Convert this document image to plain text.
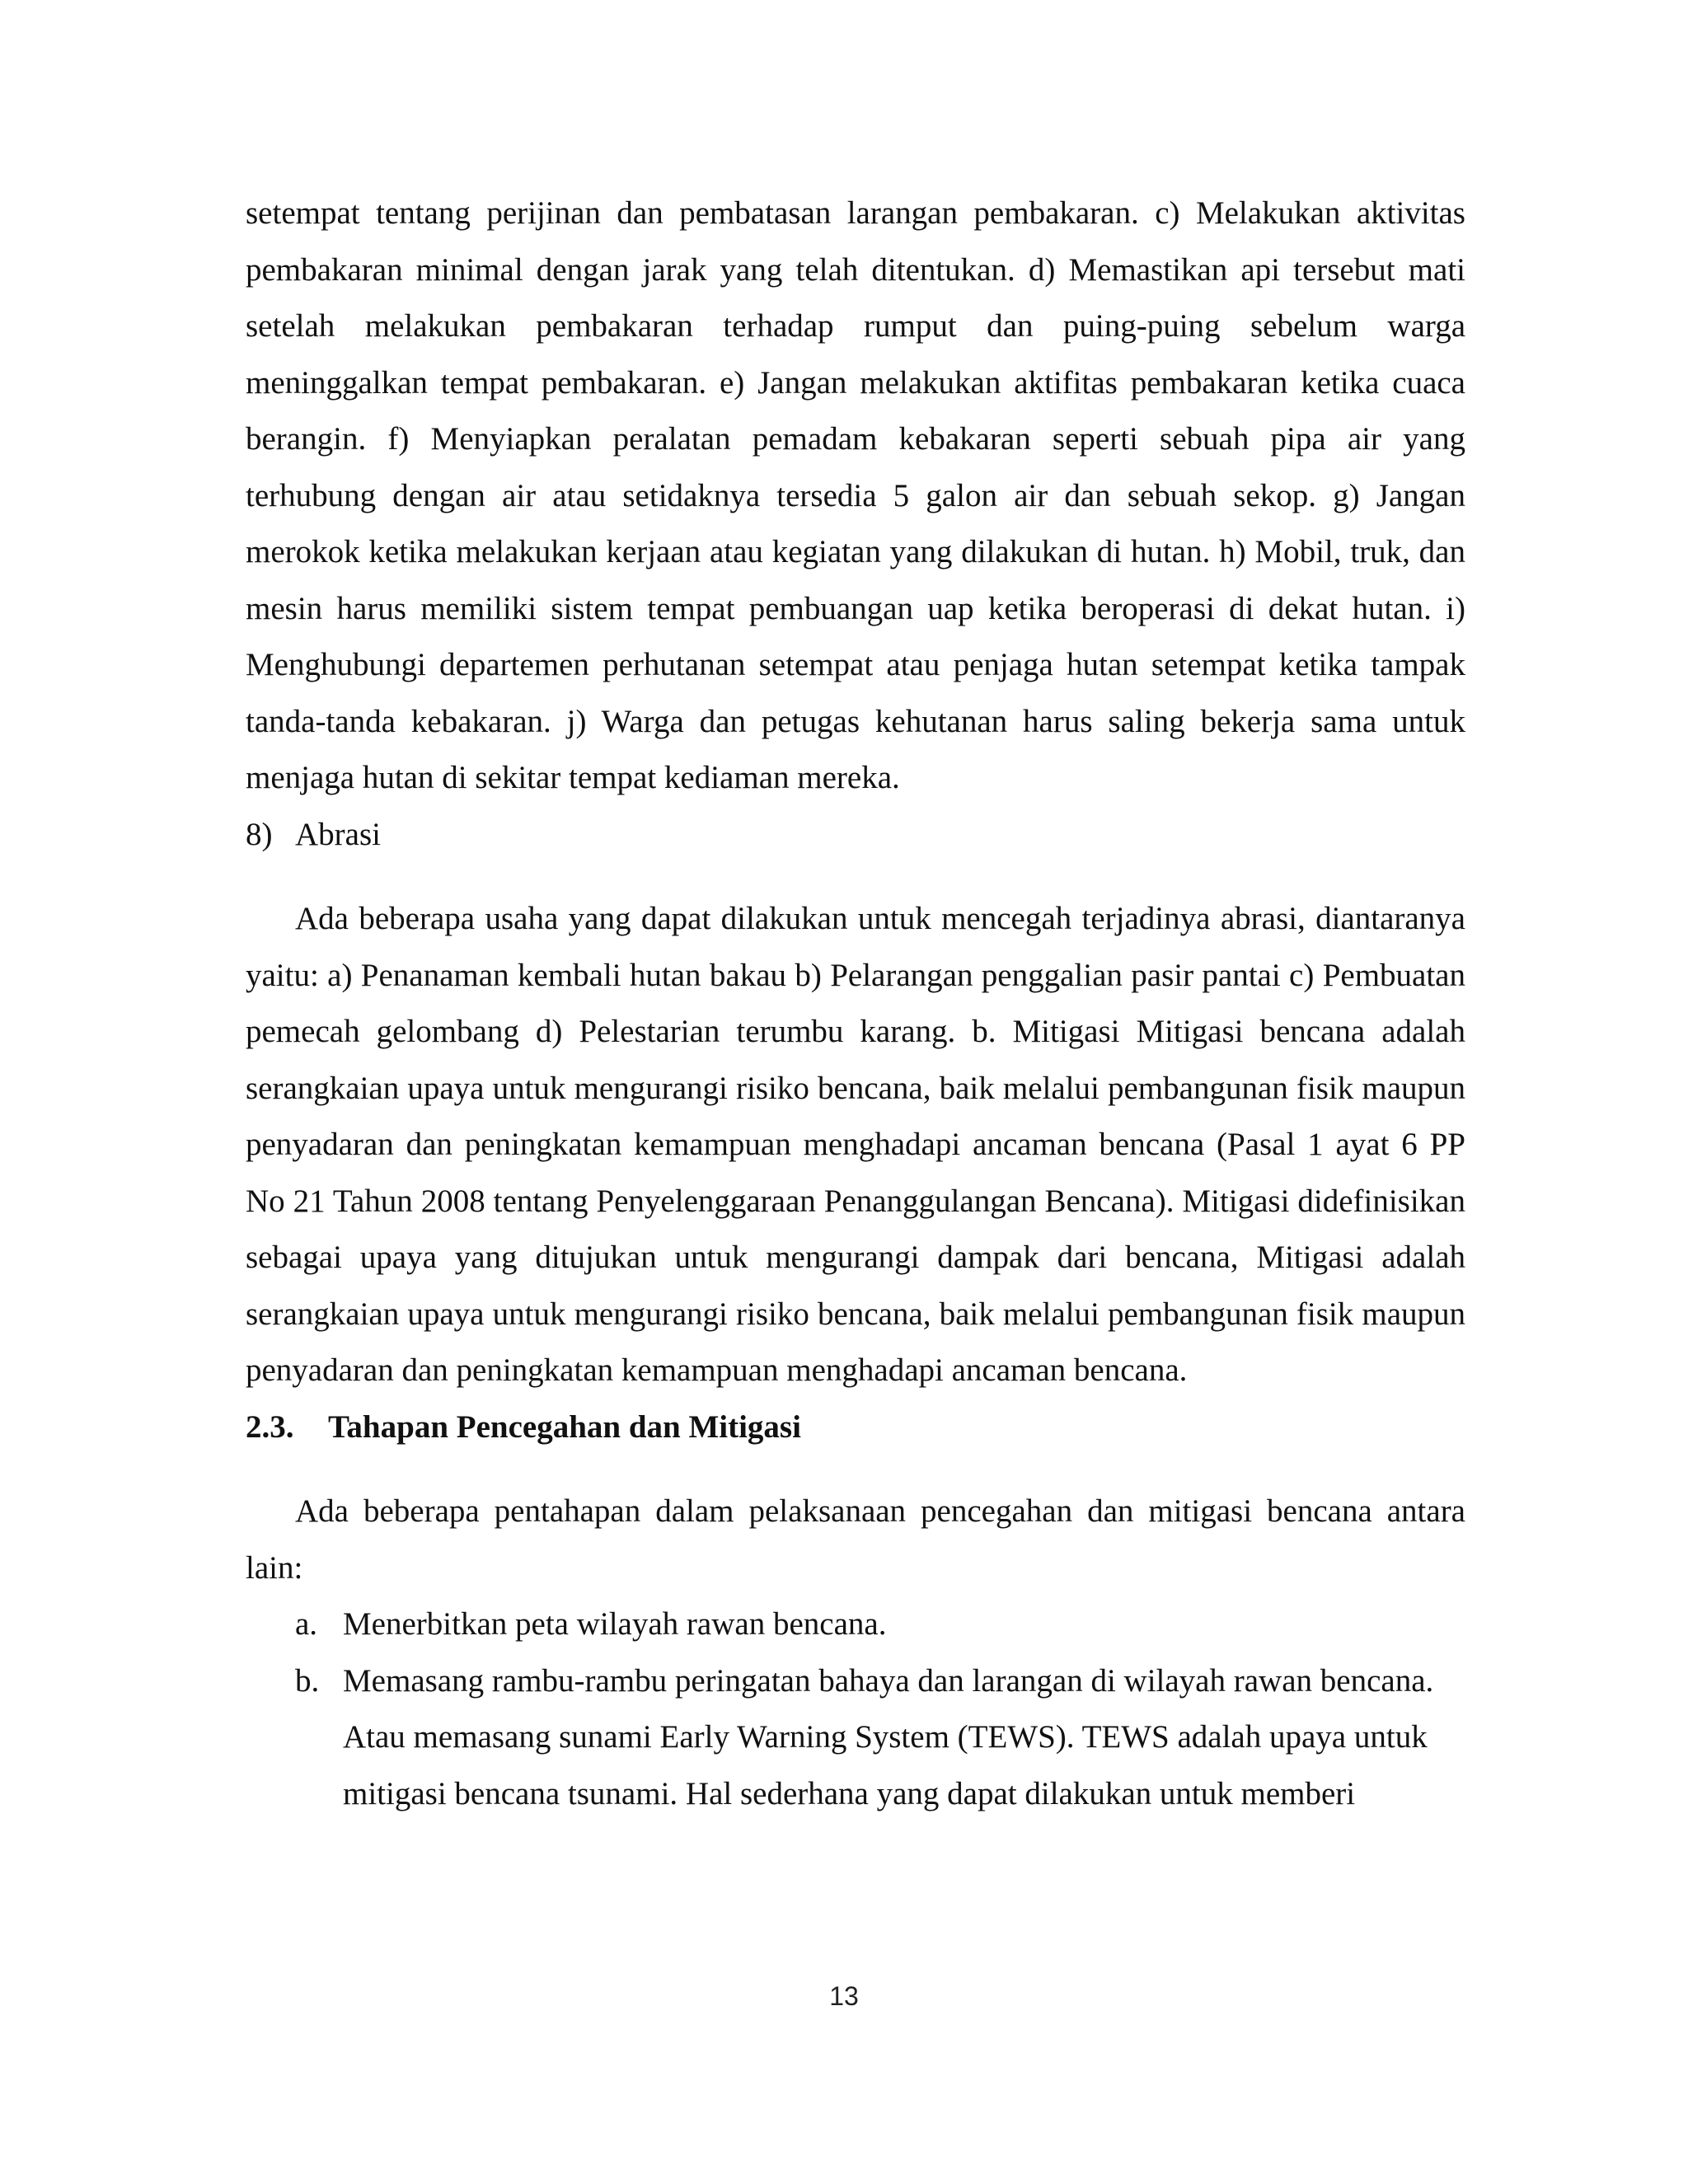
setempat tentang perijinan dan pembatasan larangan pembakaran. c) Melakukan aktivitas pembakaran minimal dengan jarak yang telah ditentukan. d) Memastikan api tersebut mati setelah melakukan pembakaran terhadap rumput dan puing-puing sebelum warga meninggalkan tempat pembakaran. e) Jangan melakukan aktifitas pembakaran ketika cuaca berangin. f) Menyiapkan peralatan pemadam kebakaran seperti sebuah pipa air yang terhubung dengan air atau setidaknya tersedia 5 galon air dan sebuah sekop. g) Jangan merokok ketika melakukan kerjaan atau kegiatan yang dilakukan di hutan. h) Mobil, truk, dan mesin harus memiliki sistem tempat pembuangan uap ketika beroperasi di dekat hutan. i) Menghubungi departemen perhutanan setempat atau penjaga hutan setempat ketika tampak tanda-tanda kebakaran. j) Warga dan petugas kehutanan harus saling bekerja sama untuk menjaga hutan di sekitar tempat kediaman mereka.

8) Abrasi

Ada beberapa usaha yang dapat dilakukan untuk mencegah terjadinya abrasi, diantaranya yaitu: a) Penanaman kembali hutan bakau b) Pelarangan penggalian pasir pantai c) Pembuatan pemecah gelombang d) Pelestarian terumbu karang. b. Mitigasi Mitigasi bencana adalah serangkaian upaya untuk mengurangi risiko bencana, baik melalui pembangunan fisik maupun penyadaran dan peningkatan kemampuan menghadapi ancaman bencana (Pasal 1 ayat 6 PP No 21 Tahun 2008 tentang Penyelenggaraan Penanggulangan Bencana). Mitigasi didefinisikan sebagai upaya yang ditujukan untuk mengurangi dampak dari bencana, Mitigasi adalah serangkaian upaya untuk mengurangi risiko bencana, baik melalui pembangunan fisik maupun penyadaran dan peningkatan kemampuan menghadapi ancaman bencana.

2.3.	Tahapan Pencegahan dan Mitigasi

Ada beberapa pentahapan dalam pelaksanaan pencegahan dan mitigasi bencana antara lain:

a. Menerbitkan peta wilayah rawan bencana.
b. Memasang rambu-rambu peringatan bahaya dan larangan di wilayah rawan bencana. Atau memasang sunami Early Warning System (TEWS). TEWS adalah upaya untuk mitigasi bencana tsunami. Hal sederhana yang dapat dilakukan untuk memberi
13
